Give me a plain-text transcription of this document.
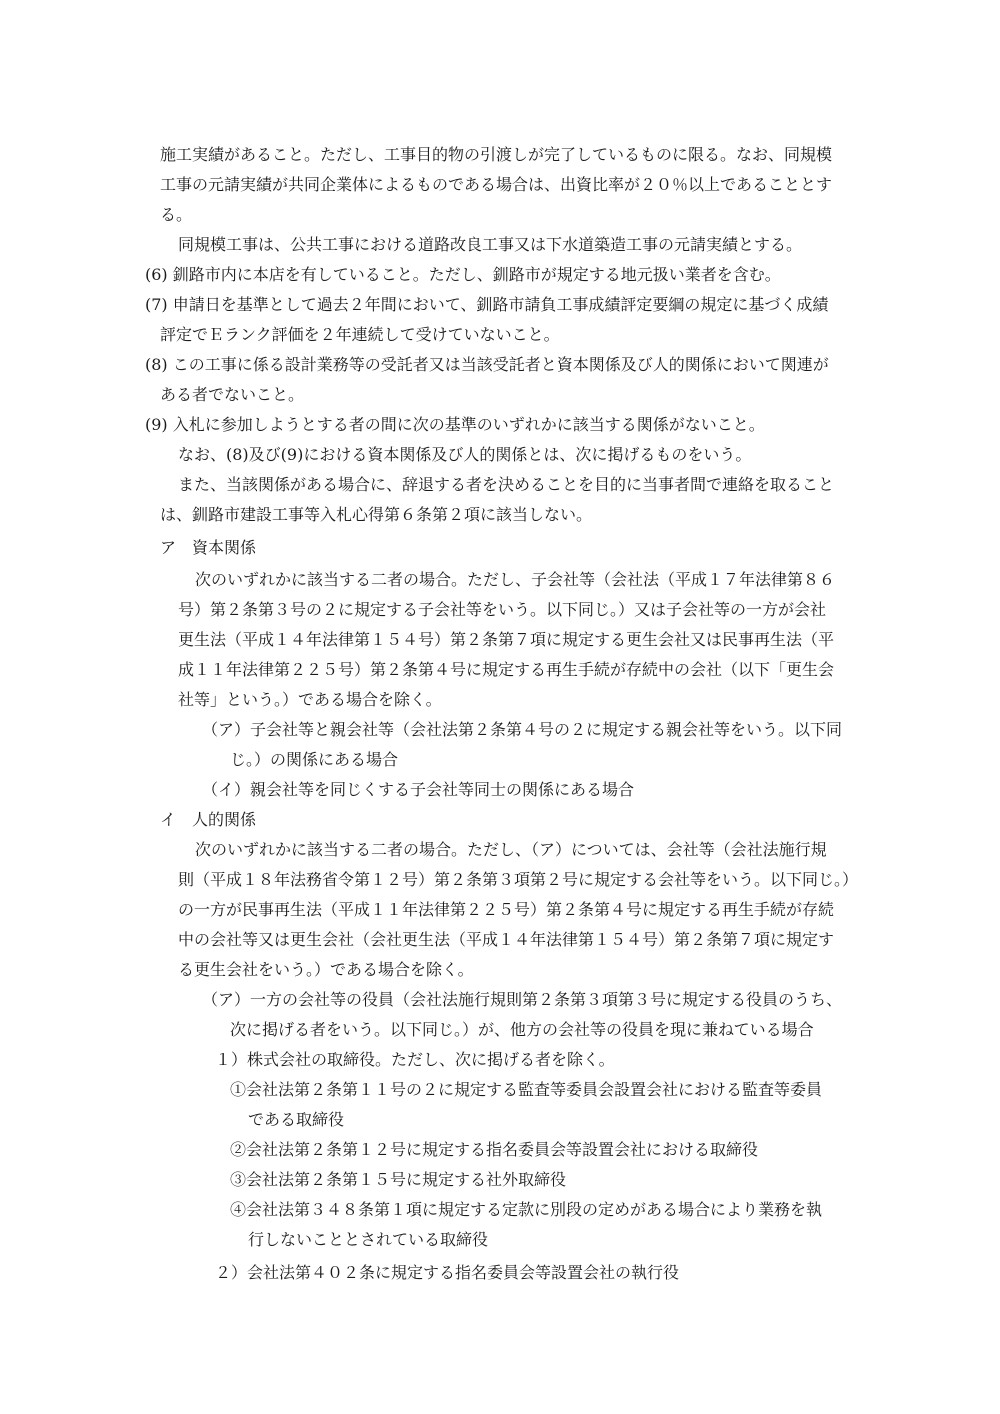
施工実績があること。ただし、工事目的物の引渡しが完了しているものに限る。なお、同規模

工事の元請実績が共同企業体によるものである場合は、出資比率が２０％以上であることとす

る。

同規模工事は、公共工事における道路改良工事又は下水道築造工事の元請実績とする。

(6) 釧路市内に本店を有していること。ただし、釧路市が規定する地元扱い業者を含む。

(7) 申請日を基準として過去２年間において、釧路市請負工事成績評定要綱の規定に基づく成績

評定でＥランク評価を２年連続して受けていないこと。

(8) この工事に係る設計業務等の受託者又は当該受託者と資本関係及び人的関係において関連が

ある者でないこと。

(9) 入札に参加しようとする者の間に次の基準のいずれかに該当する関係がないこと。

なお、(8)及び(9)における資本関係及び人的関係とは、次に掲げるものをいう。

また、当該関係がある場合に、辞退する者を決めることを目的に当事者間で連絡を取ること

は、釧路市建設工事等入札心得第６条第２項に該当しない。

ア　資本関係

次のいずれかに該当する二者の場合。ただし、子会社等（会社法（平成１７年法律第８６

号）第２条第３号の２に規定する子会社等をいう。以下同じ。）又は子会社等の一方が会社

更生法（平成１４年法律第１５４号）第２条第７項に規定する更生会社又は民事再生法（平

成１１年法律第２２５号）第２条第４号に規定する再生手続が存続中の会社（以下「更生会

社等」という。）である場合を除く。

（ア）子会社等と親会社等（会社法第２条第４号の２に規定する親会社等をいう。以下同

じ。）の関係にある場合

（イ）親会社等を同じくする子会社等同士の関係にある場合

イ　人的関係

次のいずれかに該当する二者の場合。ただし、（ア）については、会社等（会社法施行規

則（平成１８年法務省令第１２号）第２条第３項第２号に規定する会社等をいう。以下同じ。）

の一方が民事再生法（平成１１年法律第２２５号）第２条第４号に規定する再生手続が存続

中の会社等又は更生会社（会社更生法（平成１４年法律第１５４号）第２条第７項に規定す

る更生会社をいう。）である場合を除く。

（ア）一方の会社等の役員（会社法施行規則第２条第３項第３号に規定する役員のうち、

次に掲げる者をいう。以下同じ。）が、他方の会社等の役員を現に兼ねている場合

１）株式会社の取締役。ただし、次に掲げる者を除く。

①会社法第２条第１１号の２に規定する監査等委員会設置会社における監査等委員

である取締役

②会社法第２条第１２号に規定する指名委員会等設置会社における取締役

③会社法第２条第１５号に規定する社外取締役

④会社法第３４８条第１項に規定する定款に別段の定めがある場合により業務を執

行しないこととされている取締役

２）会社法第４０２条に規定する指名委員会等設置会社の執行役
